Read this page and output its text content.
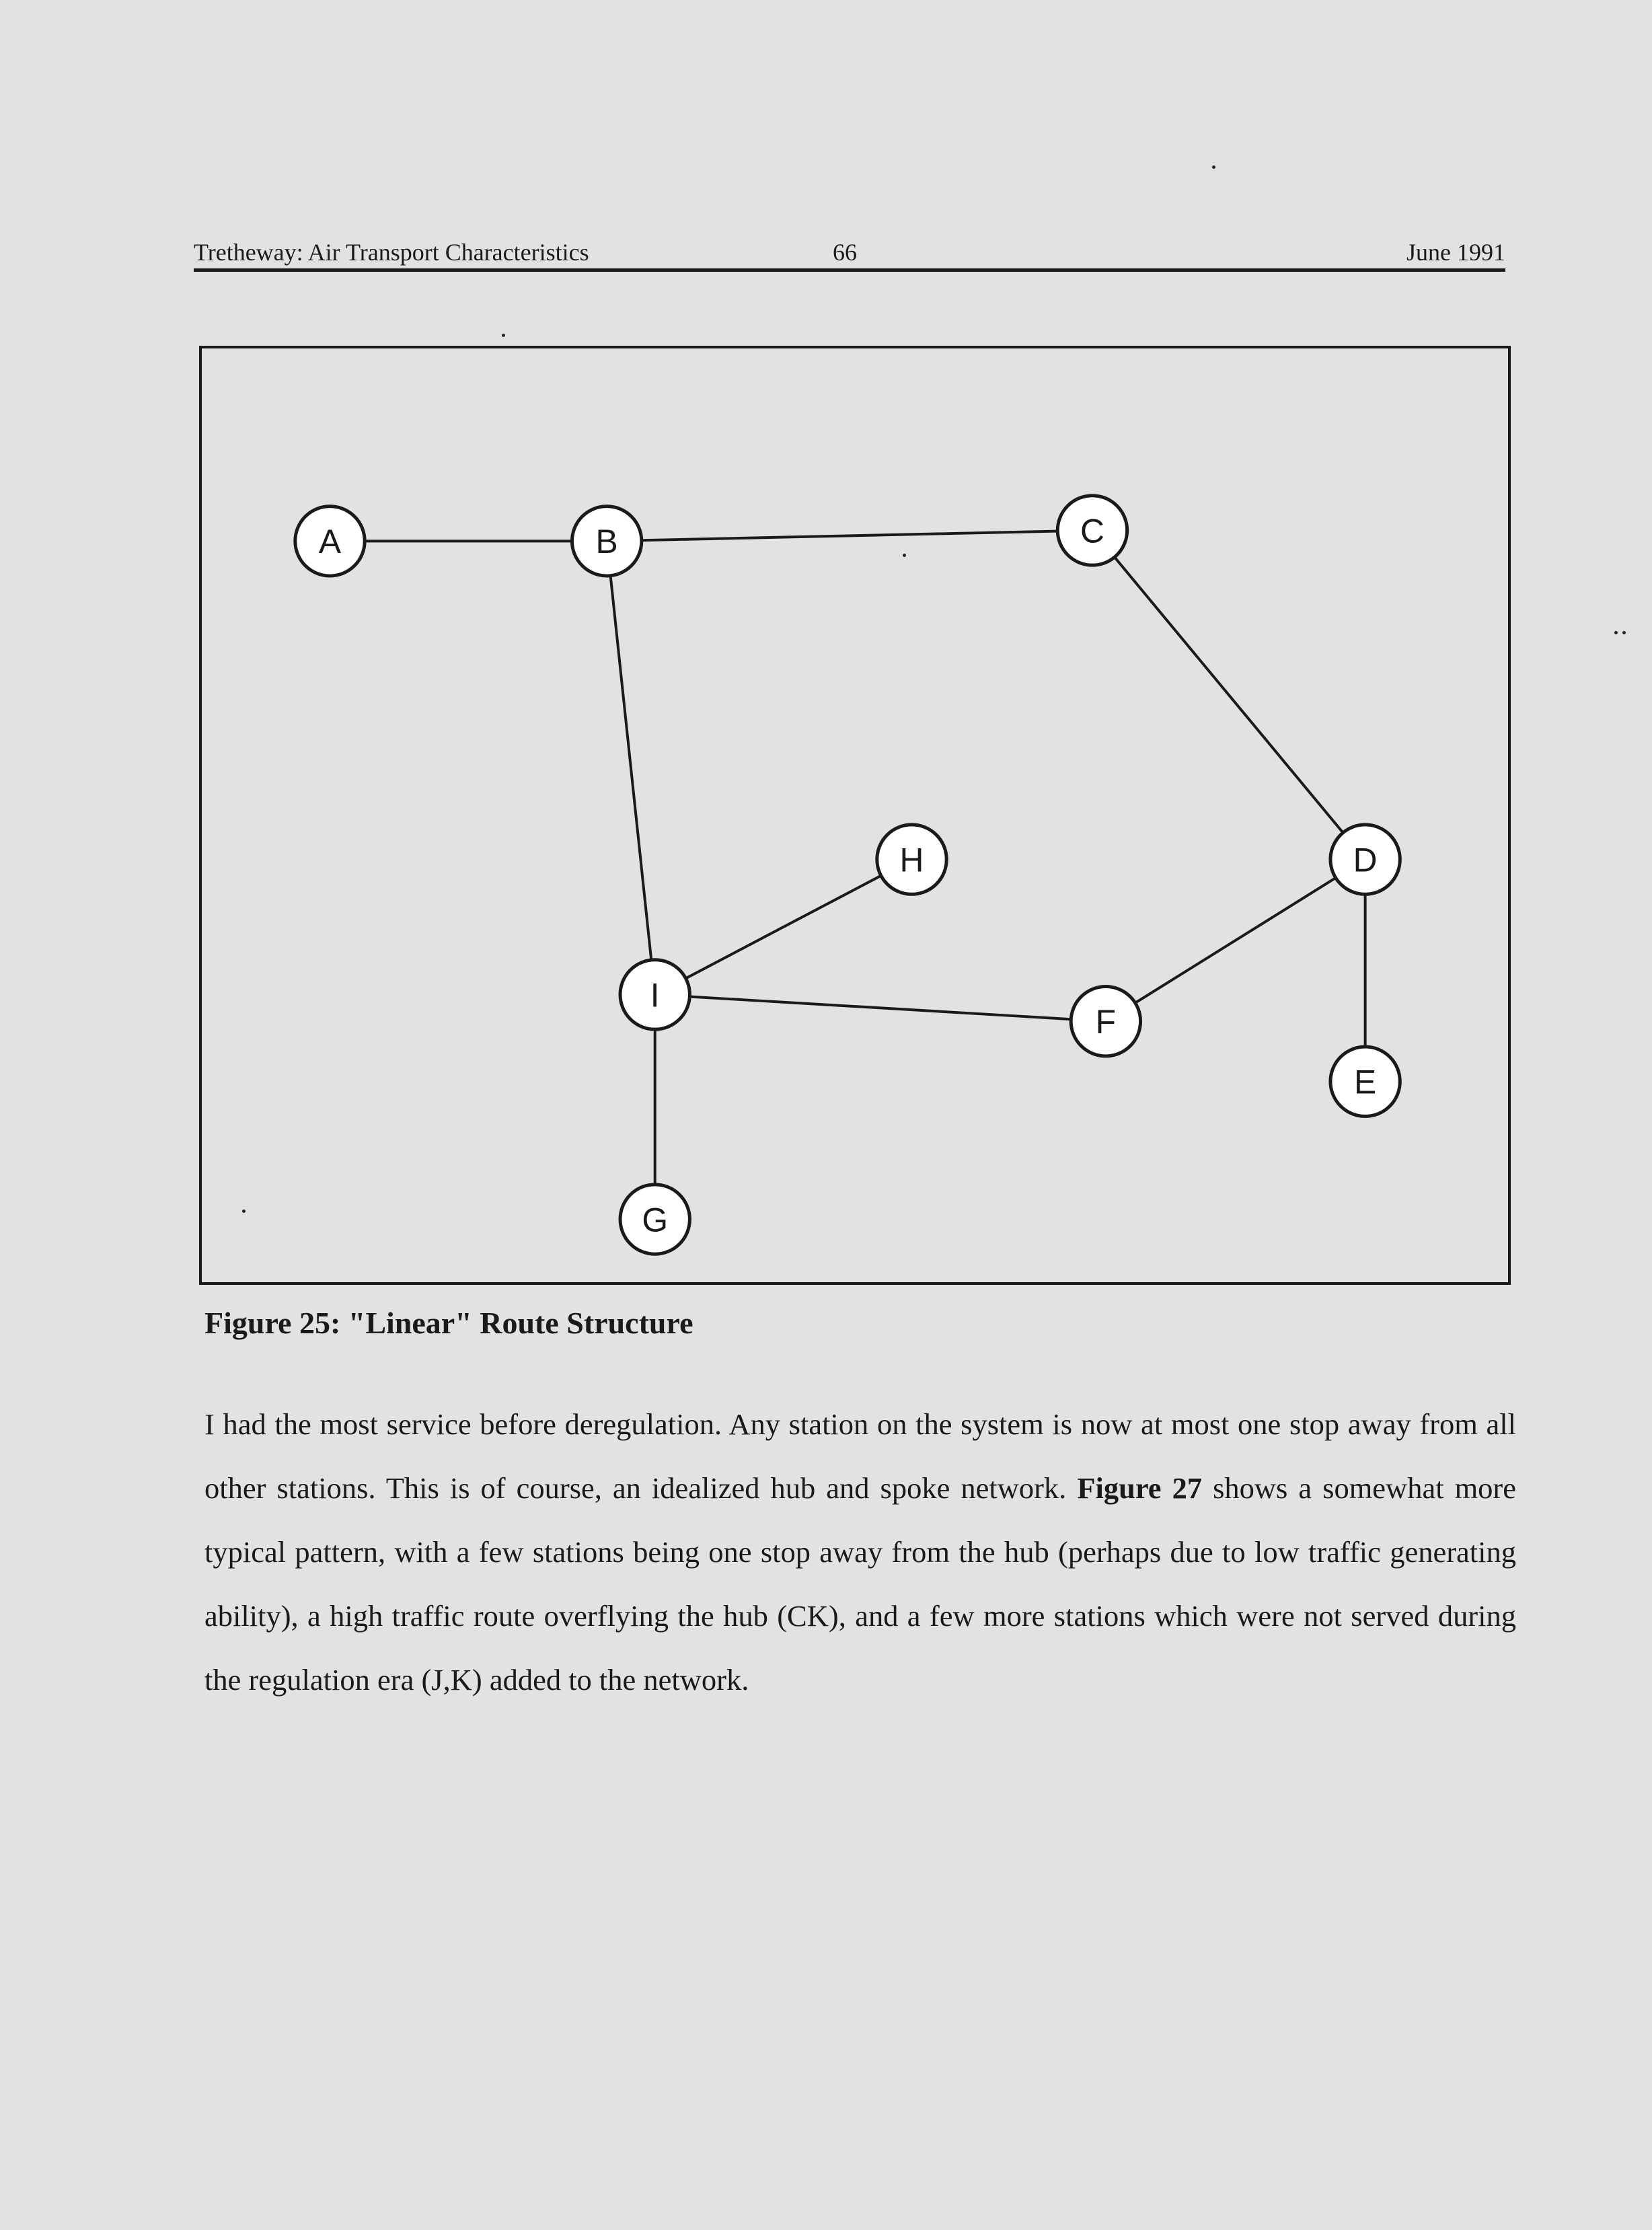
Tretheway: Air Transport Characteristics	66	June 1991
A	B	C
D
E
F
G
H
I
Figure 25: "Linear" Route Structure

I had the most service before deregulation. Any station on the system is now at most one stop away from all other stations. This is of course, an idealized hub and spoke network. Figure 27 shows a somewhat more typical pattern, with a few stations being one stop away from the hub (perhaps due to low traffic generating ability), a high traffic route overflying the hub (CK), and a few more stations which were not served during the regulation era (J,K) added to the network.
